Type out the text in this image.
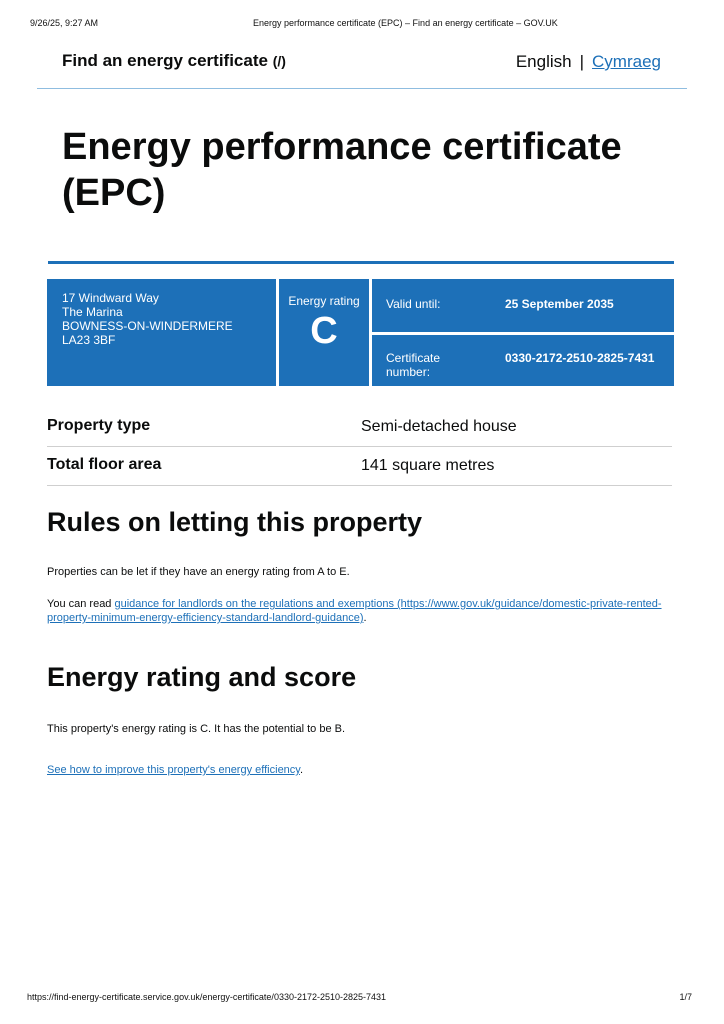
9/26/25, 9:27 AM	Energy performance certificate (EPC) – Find an energy certificate – GOV.UK
Find an energy certificate (/)	English | Cymraeg
Energy performance certificate (EPC)
17 Windward Way
The Marina
BOWNESS-ON-WINDERMERE
LA23 3BF
Energy rating
C
Valid until:	25 September 2035
Certificate number:
0330-2172-2510-2825-7431
Property type	Semi-detached house
Total floor area	141 square metres
Rules on letting this property
Properties can be let if they have an energy rating from A to E.
You can read guidance for landlords on the regulations and exemptions (https://www.gov.uk/guidance/domestic-private-rented-property-minimum-energy-efficiency-standard-landlord-guidance).
Energy rating and score
This property's energy rating is C. It has the potential to be B.
See how to improve this property's energy efficiency.
https://find-energy-certificate.service.gov.uk/energy-certificate/0330-2172-2510-2825-7431	1/7
